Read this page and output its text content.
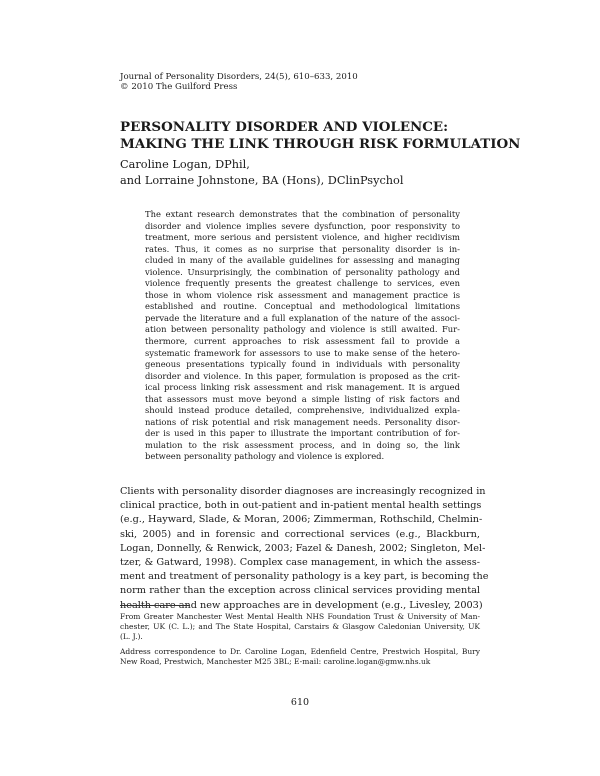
Journal of Personality Disorders, 24(5), 610–633, 2010
© 2010 The Guilford Press
PERSONALITY DISORDER AND VIOLENCE:
MAKING THE LINK THROUGH RISK FORMULATION
Caroline Logan, DPhil,
and Lorraine Johnstone, BA (Hons), DClinPsychol
The extant research demonstrates that the combination of personality
disorder and violence implies severe dysfunction, poor responsivity to
treatment, more serious and persistent violence, and higher recidivism
rates. Thus, it comes as no surprise that personality disorder is in-
cluded in many of the available guidelines for assessing and managing
violence. Unsurprisingly, the combination of personality pathology and
violence frequently presents the greatest challenge to services, even
those in whom violence risk assessment and management practice is
established and routine. Conceptual and methodological limitations
pervade the literature and a full explanation of the nature of the associ-
ation between personality pathology and violence is still awaited. Fur-
thermore, current approaches to risk assessment fail to provide a
systematic framework for assessors to use to make sense of the hetero-
geneous presentations typically found in individuals with personality
disorder and violence. In this paper, formulation is proposed as the crit-
ical process linking risk assessment and risk management. It is argued
that assessors must move beyond a simple listing of risk factors and
should instead produce detailed, comprehensive, individualized expla-
nations of risk potential and risk management needs. Personality disor-
der is used in this paper to illustrate the important contribution of for-
mulation to the risk assessment process, and in doing so, the link
between personality pathology and violence is explored.
Clients with personality disorder diagnoses are increasingly recognized in
clinical practice, both in out-patient and in-patient mental health settings
(e.g., Hayward, Slade, & Moran, 2006; Zimmerman, Rothschild, Chelmin-
ski, 2005) and in forensic and correctional services (e.g., Blackburn,
Logan, Donnelly, & Renwick, 2003; Fazel & Danesh, 2002; Singleton, Mel-
tzer, & Gatward, 1998). Complex case management, in which the assess-
ment and treatment of personality pathology is a key part, is becoming the
norm rather than the exception across clinical services providing mental
health care and new approaches are in development (e.g., Livesley, 2003)
From Greater Manchester West Mental Health NHS Foundation Trust & University of Man-
chester, UK (C. L.); and The State Hospital, Carstairs & Glasgow Caledonian University, UK
(L. J.).
Address correspondence to Dr. Caroline Logan, Edenfield Centre, Prestwich Hospital, Bury
New Road, Prestwich, Manchester M25 3BL; E-mail: caroline.logan@gmw.nhs.uk
610
